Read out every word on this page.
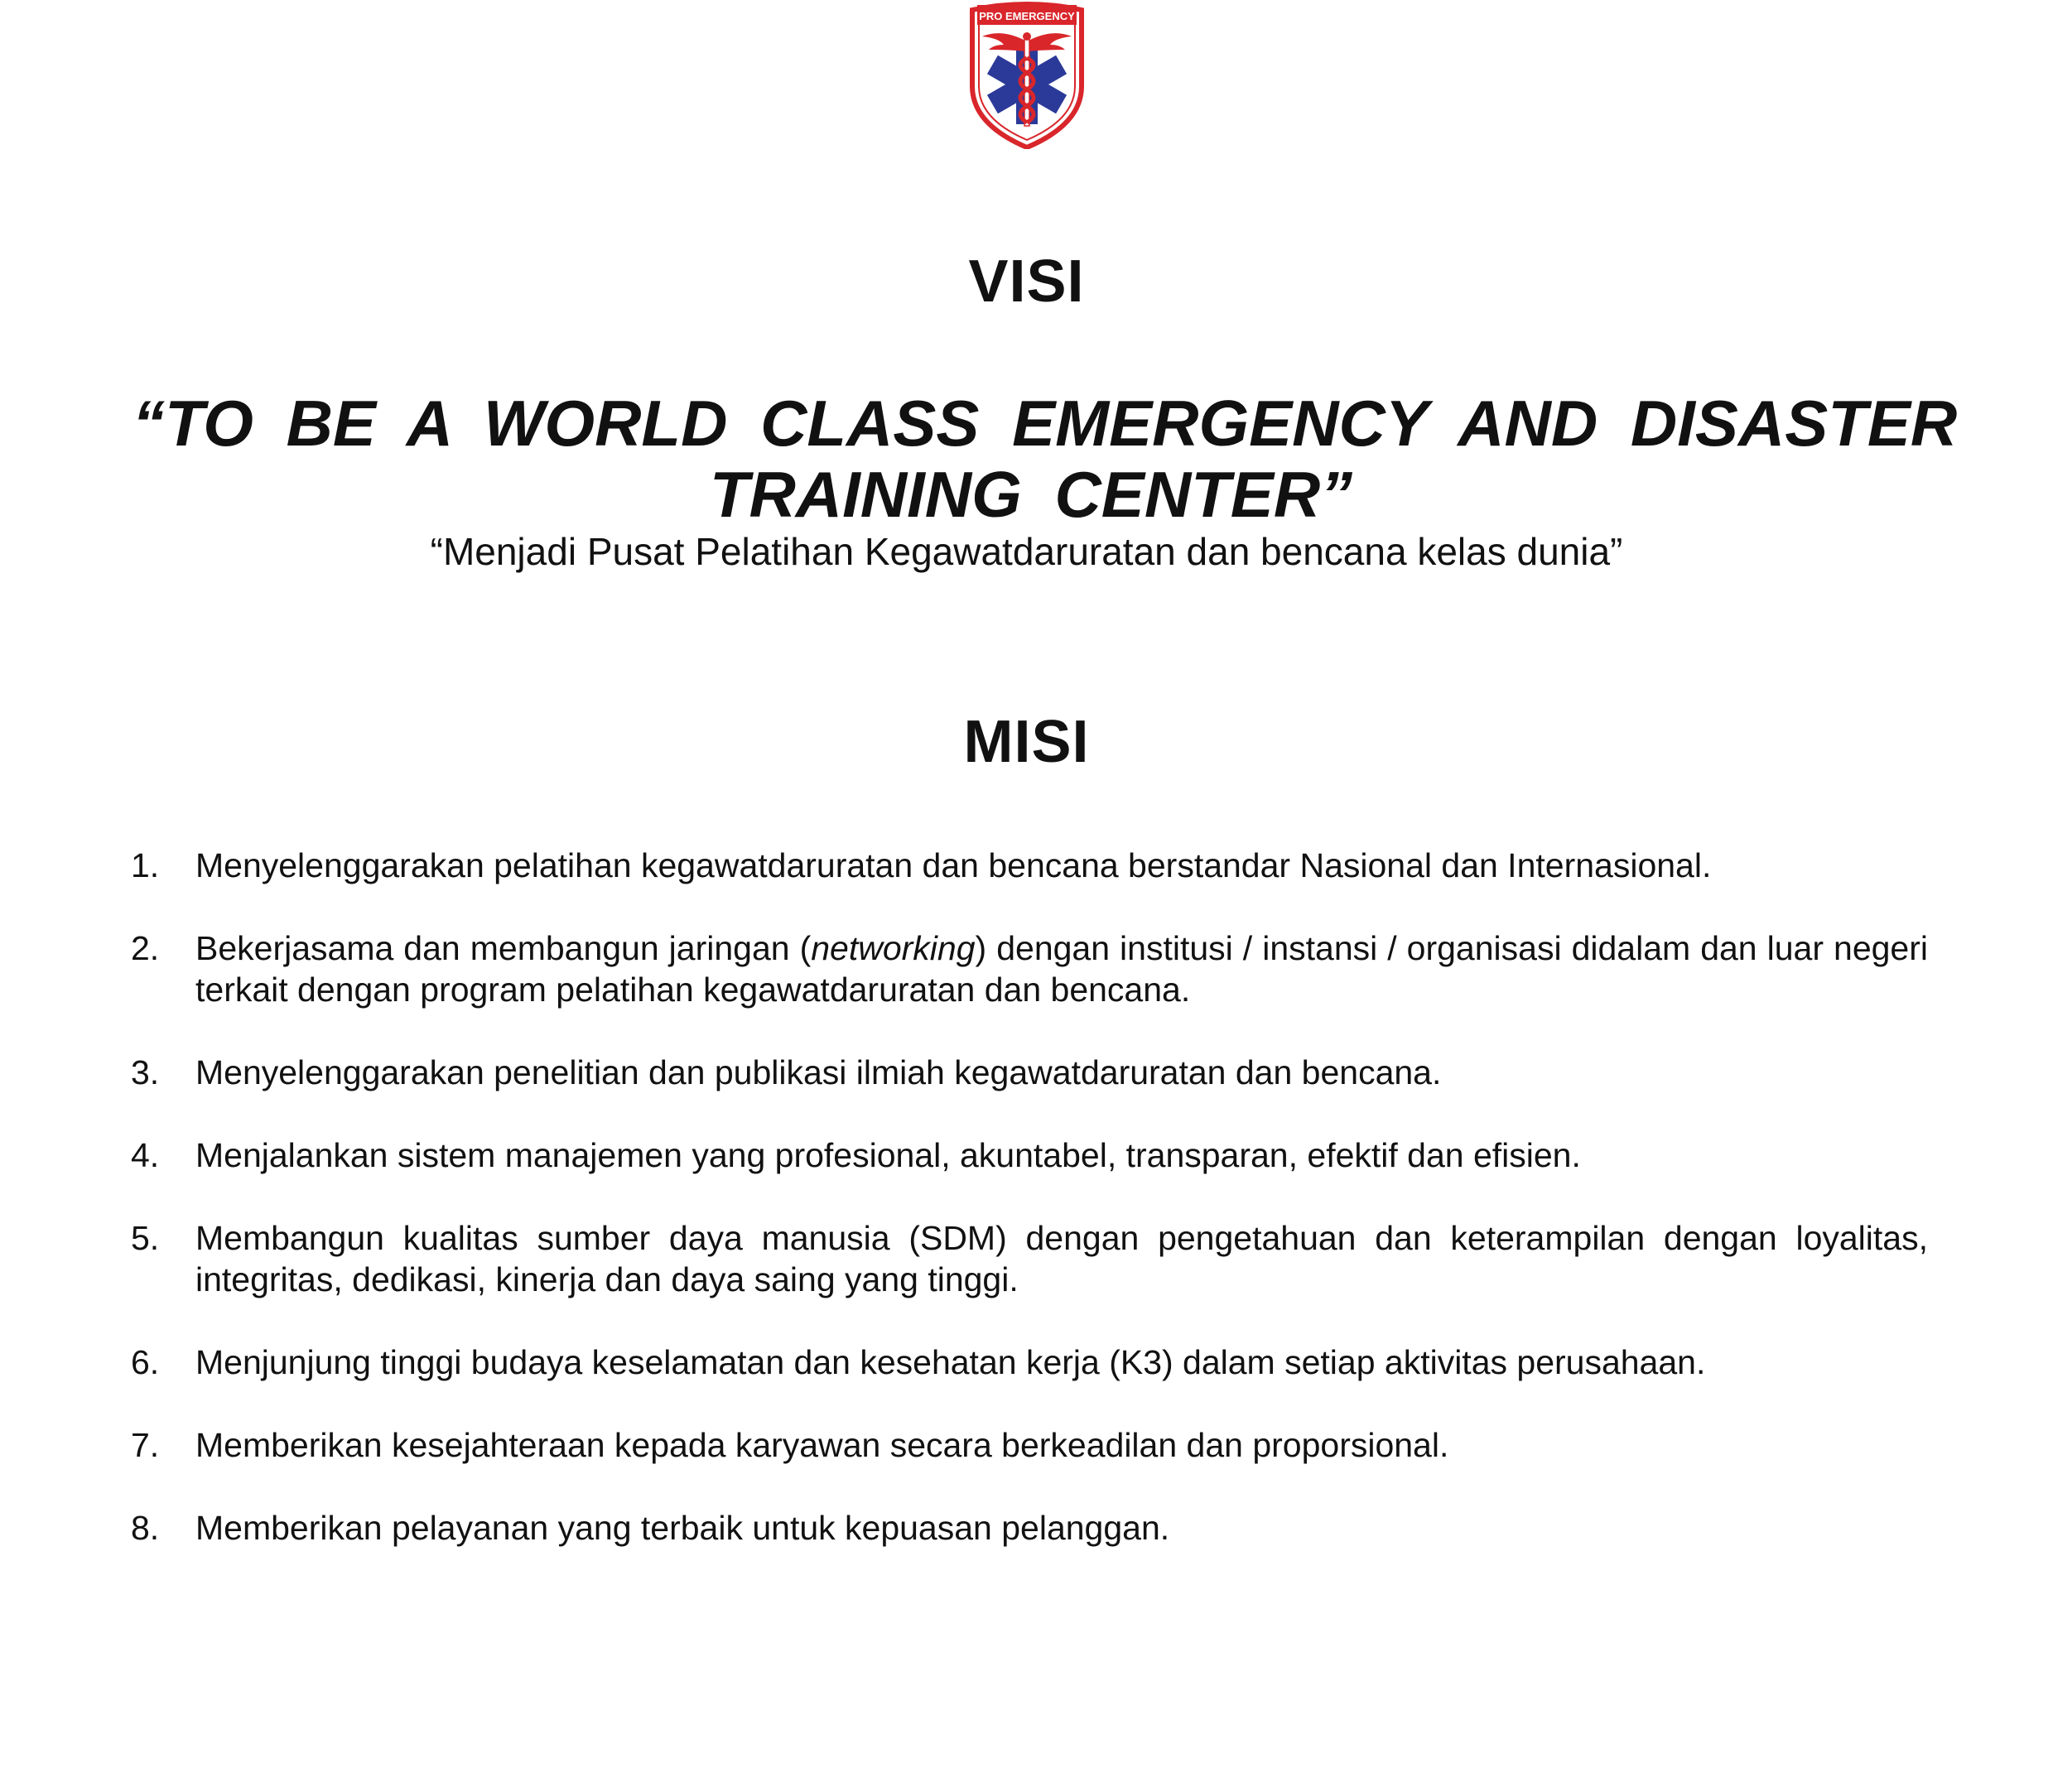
PRO EMERGENCY
VISI
“TO BE A WORLD CLASS EMERGENCY AND DISASTER
TRAINING CENTER”
“Menjadi Pusat Pelatihan Kegawatdaruratan dan bencana kelas dunia”
MISI
1. Menyelenggarakan pelatihan kegawatdaruratan dan bencana berstandar Nasional dan Internasional.
2. Bekerjasama dan membangun jaringan (networking) dengan institusi / instansi / organisasi didalam dan luar negeri terkait dengan program pelatihan kegawatdaruratan dan bencana.
3. Menyelenggarakan penelitian dan publikasi ilmiah kegawatdaruratan dan bencana.
4. Menjalankan sistem manajemen yang profesional, akuntabel, transparan, efektif dan efisien.
5. Membangun kualitas sumber daya manusia (SDM) dengan pengetahuan dan keterampilan dengan loyalitas, integritas, dedikasi, kinerja dan daya saing yang tinggi.
6. Menjunjung tinggi budaya keselamatan dan kesehatan kerja (K3) dalam setiap aktivitas perusahaan.
7. Memberikan kesejahteraan kepada karyawan secara berkeadilan dan proporsional.
8. Memberikan pelayanan yang terbaik untuk kepuasan pelanggan.
